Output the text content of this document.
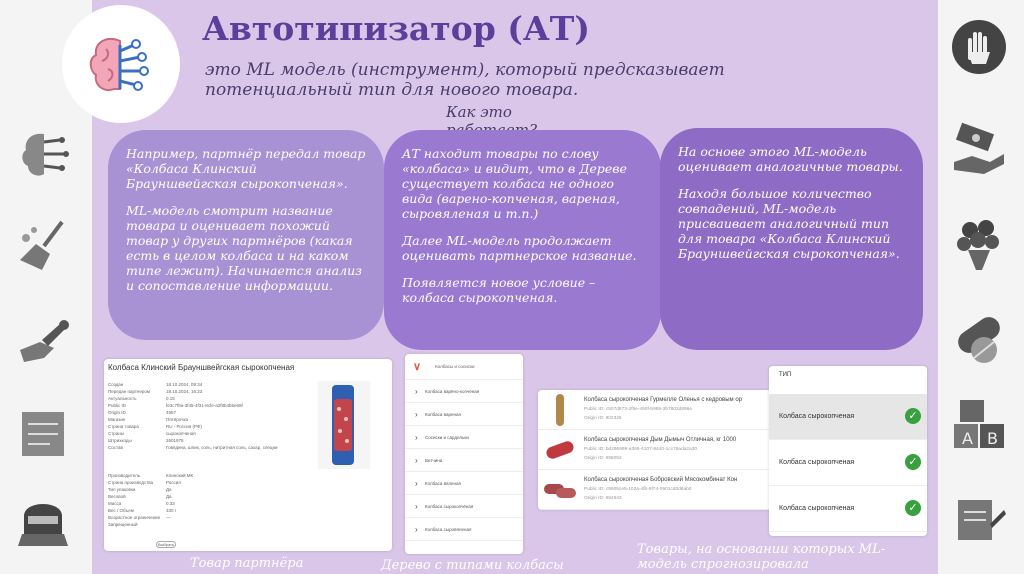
Автотипизатор (АТ)
это ML модель (инструмент), который предсказывает потенциальный тип для нового товара.
Как это

Например, партнёр передал товар «Колбаса Клинский Брауншвейгская сырокопченая».

ML-модель смотрит название товара и оценивает похожий товар у других партнёров (какая есть в целом колбаса и на каком типе лежит). Начинается анализ и сопоставление информации.

АТ находит товары по слову «колбаса» и видит, что в Дереве существует колбаса не одного вида (варено-копченая, вареная, сыровяленая и т.п.)

Далее ML-модель продолжает оценивать партнерское название.

Появляется новое условие – колбаса сырокопченая.

На основе этого ML-модель оценивает аналогичные товары.

Находя большое количество совпадений, ML-модель присваивает аналогичный тип для товара «Колбаса Клинский Брауншвейгская сырокопченая».

Колбаса Клинский Брауншвейгская сырокопченая
Создан	18.10.2024, 09:34
Передан партнером	18.10.2024, 16:23
Актуальность	0.15
Public ID	fe3c7f9a-3f45-4f31-8cfe-a2f8b4b5e69f
Origin ID	4567
Магазин	Пятёрочка
Страна товара	RU - Россия (РФ)
Страны	сырокопченая
Штрихкоды	2601978
Состав	Говядина, шпик, соль, нитритная соль, сахар, специи
Производитель	Клинский МК
Страна производства	Россия
Тип упаковки	Да
Весовой	Да
Масса	0.33
Вес / Объем	330 г
Возрастное ограничение	—
Запрещенный
Выбрать
∨	Колбасы и сосиски
› Колбаса варёно-копчёная
› Колбаса вареная
› Сосиски и сардельки
› Ветчина
› Колбаса вяленая
› Колбаса сырокопчёная
› Колбаса сыровяленая
Колбаса сырокопченая Гурмелле Оленья с кедровым ор
Public ID: c507d873-2f9e-490f-b989-3b7802d898e
Origin ID: 902325
Колбаса сырокопченая Дым Дымыч Отличная, кг 1000
Public ID: bd296999-a395-4107-9440-1cc76ada2a30
Origin ID: 696053
Колбаса сырокопченая Бобровский Мясокомбинат Кон
Public ID: c9905ce5-102a-4fb-9f74-0901cd0d6ab0
Origin ID: 684943
ТИП
Колбаса сырокопченая	✓
Колбаса сырокопченая	✓
Колбаса сырокопченая	✓
Товар партнёра	Дерево с типами колбасы
Товары, на основании которых ML-модель спрогнозировала
A B
